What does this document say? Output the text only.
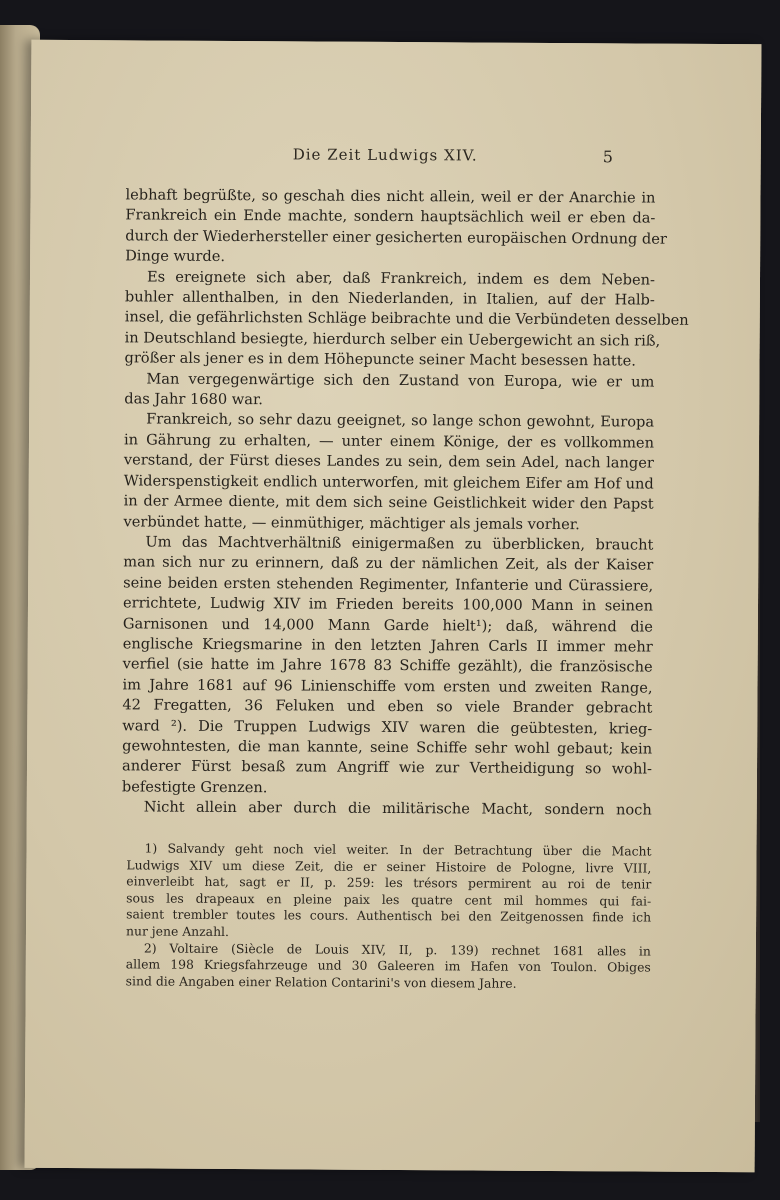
Die Zeit Ludwigs XIV.	5
lebhaft begrüßte, so geschah dies nicht allein, weil er der Anarchie in
Frankreich ein Ende machte, sondern hauptsächlich weil er eben da-
durch der Wiederhersteller einer gesicherten europäischen Ordnung der
Dinge wurde.
Es ereignete sich aber, daß Frankreich, indem es dem Neben-
buhler allenthalben, in den Niederlanden, in Italien, auf der Halb-
insel, die gefährlichsten Schläge beibrachte und die Verbündeten desselben
in Deutschland besiegte, hierdurch selber ein Uebergewicht an sich riß,
größer als jener es in dem Höhepuncte seiner Macht besessen hatte.
Man vergegenwärtige sich den Zustand von Europa, wie er um
das Jahr 1680 war.
Frankreich, so sehr dazu geeignet, so lange schon gewohnt, Europa
in Gährung zu erhalten, — unter einem Könige, der es vollkommen
verstand, der Fürst dieses Landes zu sein, dem sein Adel, nach langer
Widerspenstigkeit endlich unterworfen, mit gleichem Eifer am Hof und
in der Armee diente, mit dem sich seine Geistlichkeit wider den Papst
verbündet hatte, — einmüthiger, mächtiger als jemals vorher.
Um das Machtverhältniß einigermaßen zu überblicken, braucht
man sich nur zu erinnern, daß zu der nämlichen Zeit, als der Kaiser
seine beiden ersten stehenden Regimenter, Infanterie und Cürassiere,
errichtete, Ludwig XIV im Frieden bereits 100,000 Mann in seinen
Garnisonen und 14,000 Mann Garde hielt¹); daß, während die
englische Kriegsmarine in den letzten Jahren Carls II immer mehr
verfiel (sie hatte im Jahre 1678 83 Schiffe gezählt), die französische
im Jahre 1681 auf 96 Linienschiffe vom ersten und zweiten Range,
42 Fregatten, 36 Feluken und eben so viele Brander gebracht
ward ²). Die Truppen Ludwigs XIV waren die geübtesten, krieg-
gewohntesten, die man kannte, seine Schiffe sehr wohl gebaut; kein
anderer Fürst besaß zum Angriff wie zur Vertheidigung so wohl-
befestigte Grenzen.
Nicht allein aber durch die militärische Macht, sondern noch
1) Salvandy geht noch viel weiter. In der Betrachtung über die Macht
Ludwigs XIV um diese Zeit, die er seiner Histoire de Pologne, livre VIII,
einverleibt hat, sagt er II, p. 259: les trésors permirent au roi de tenir
sous les drapeaux en pleine paix les quatre cent mil hommes qui fai-
saient trembler toutes les cours. Authentisch bei den Zeitgenossen finde ich
nur jene Anzahl.
2) Voltaire (Siècle de Louis XIV, II, p. 139) rechnet 1681 alles in
allem 198 Kriegsfahrzeuge und 30 Galeeren im Hafen von Toulon. Obiges
sind die Angaben einer Relation Contarini's von diesem Jahre.
